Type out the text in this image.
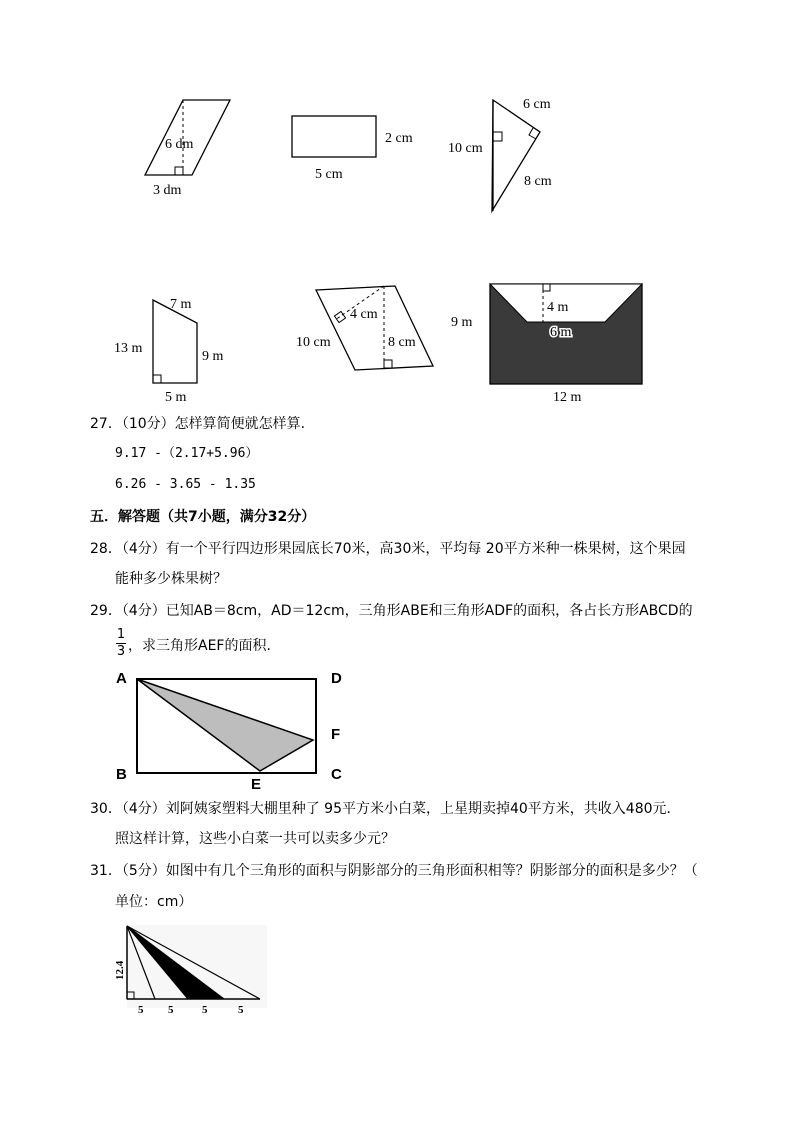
6 dm
3 dm
2 cm
5 cm
6 cm
10 cm
8 cm
7 m
13 m
9 m
5 m
4 cm
10 cm	8 cm
9 m
4 m
6 m
12 m
27．（10分）怎样算简便就怎样算．
9.17 -（2.17+5.96）
6.26 - 3.65 - 1.35
五．解答题（共7小题，满分32分）
28．（4分）有一个平行四边形果园底长70米，高30米，平均每 20平方米种一株果树，这个果园
能种多少株果树？
29．（4分）已知AB＝8cm，AD＝12cm，三角形ABE和三角形ADF的面积，各占长方形ABCD的
1
3 ，求三角形AEF的面积．
A	D
F
B	C
E
30．（4分）刘阿姨家塑料大棚里种了 95平方米小白菜，上星期卖掉40平方米，共收入480元．
照这样计算，这些小白菜一共可以卖多少元？
31．（5分）如图中有几个三角形的面积与阴影部分的三角形面积相等？阴影部分的面积是多少？（
单位：cm）
12.4
5 5	5	5
